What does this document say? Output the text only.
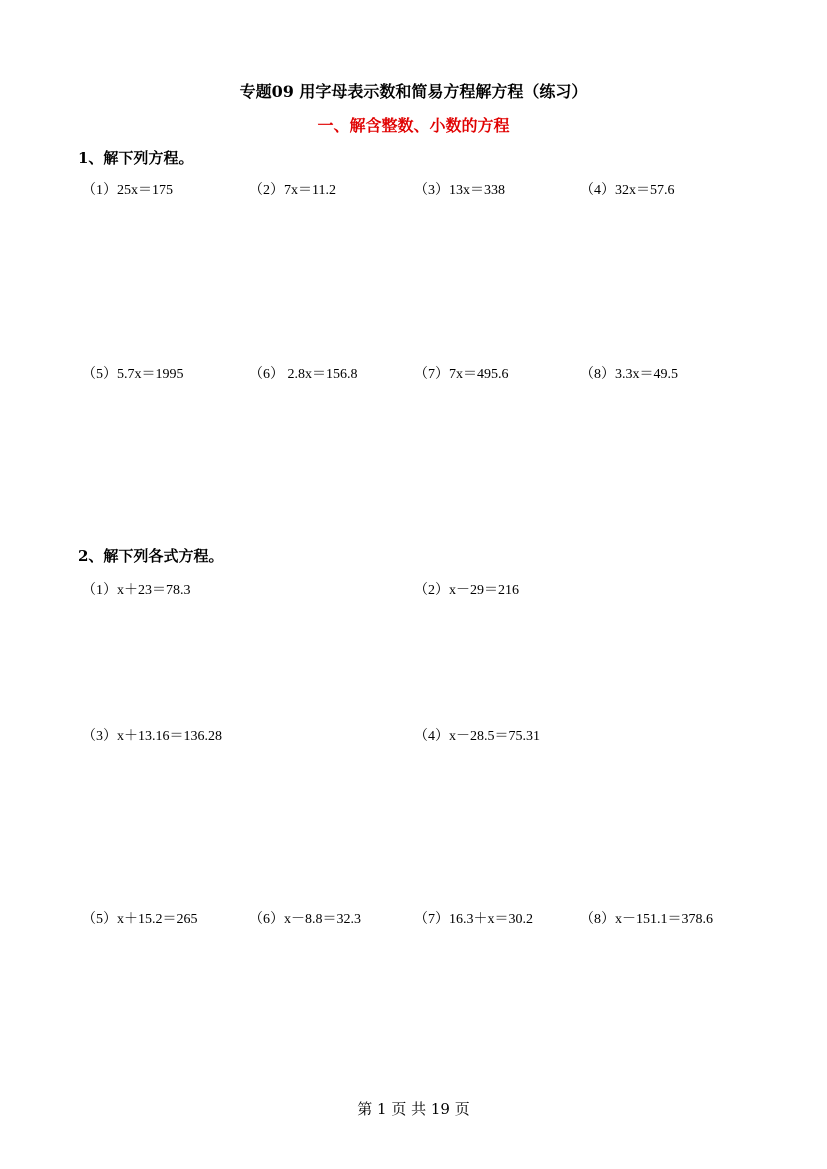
专题09 用字母表示数和简易方程解方程（练习）
一、解含整数、小数的方程
1、解下列方程。
（1）25x＝175	（2）7x＝11.2	（3）13x＝338	（4）32x＝57.6
（5）5.7x＝1995	（6） 2.8x＝156.8	（7）7x＝495.6	（8）3.3x＝49.5
2、解下列各式方程。
（1）x＋23＝78.3	（2）x－29＝216
（3）x＋13.16＝136.28	（4）x－28.5＝75.31
（5）x＋15.2＝265	（6）x－8.8＝32.3	（7）16.3＋x＝30.2	（8）x－151.1＝378.6
第 1 页 共 19 页
